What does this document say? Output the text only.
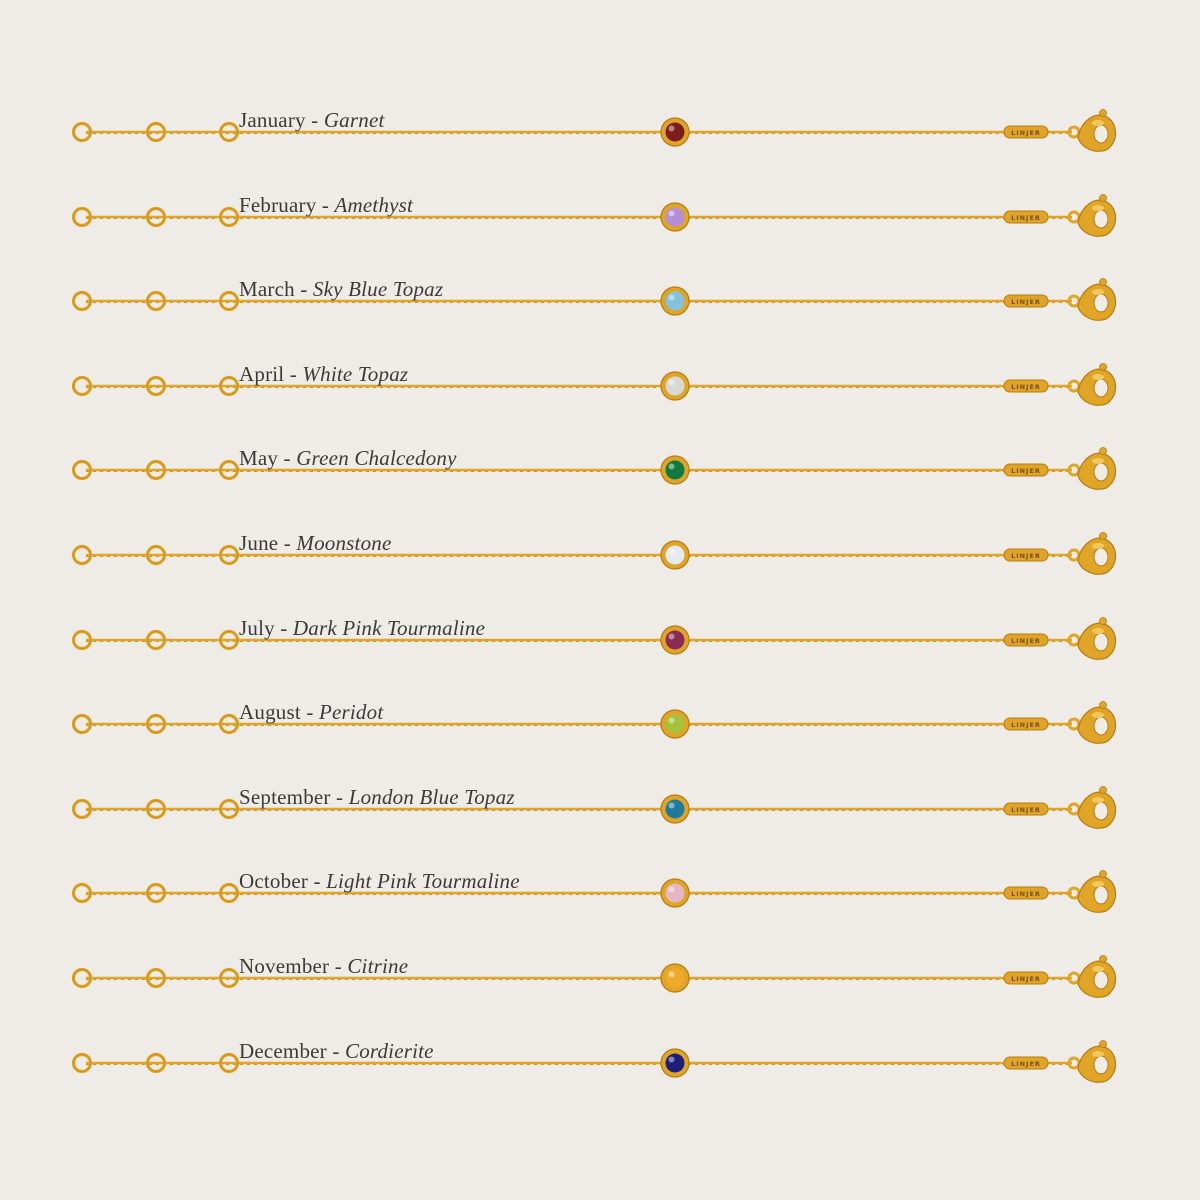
LINJER
January - Garnet
LINJER
February - Amethyst
LINJER
March - Sky Blue Topaz
LINJER
April - White Topaz
LINJER
May - Green Chalcedony
LINJER
June - Moonstone
LINJER
July - Dark Pink Tourmaline
LINJER
August - Peridot
LINJER
September - London Blue Topaz
LINJER
October - Light Pink Tourmaline
LINJER
November - Citrine
LINJER
December - Cordierite
